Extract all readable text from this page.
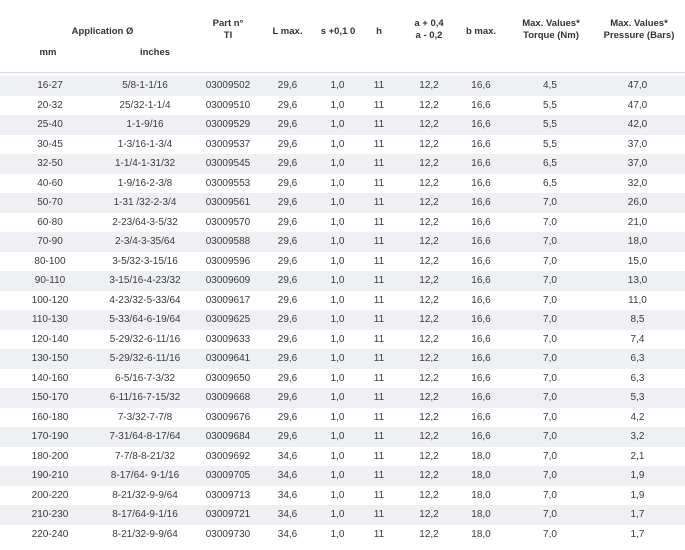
Application Ø
mm	inches
Part n°
TI	L max.	s +0,1 0	h
a + 0,4
a - 0,2	b max.
Max. Values*
Torque (Nm)
Max. Values*
Pressure (Bars)
16-27	5/8-1-1/16	03009502	29,6	1,0	11	12,2	16,6	4,5	47,0
20-32	25/32-1-1/4	03009510	29,6	1,0	11	12,2	16,6	5,5	47,0
25-40	1-1-9/16	03009529	29,6	1,0	11	12,2	16,6	5,5	42,0
30-45	1-3/16-1-3/4	03009537	29,6	1,0	11	12,2	16,6	5,5	37,0
32-50	1-1/4-1-31/32	03009545	29,6	1,0	11	12,2	16,6	6,5	37,0
40-60	1-9/16-2-3/8	03009553	29,6	1,0	11	12,2	16,6	6,5	32,0
50-70	1-31 /32-2-3/4	03009561	29,6	1,0	11	12,2	16,6	7,0	26,0
60-80	2-23/64-3-5/32	03009570	29,6	1,0	11	12,2	16,6	7,0	21,0
70-90	2-3/4-3-35/64	03009588	29,6	1,0	11	12,2	16,6	7,0	18,0
80-100	3-5/32-3-15/16	03009596	29,6	1,0	11	12,2	16,6	7,0	15,0
90-110	3-15/16-4-23/32	03009609	29,6	1,0	11	12,2	16,6	7,0	13,0
100-120	4-23/32-5-33/64	03009617	29,6	1,0	11	12,2	16,6	7,0	11,0
110-130	5-33/64-6-19/64	03009625	29,6	1,0	11	12,2	16,6	7,0	8,5
120-140	5-29/32-6-11/16	03009633	29,6	1,0	11	12,2	16,6	7,0	7,4
130-150	5-29/32-6-11/16	03009641	29,6	1,0	11	12,2	16,6	7,0	6,3
140-160	6-5/16-7-3/32	03009650	29,6	1,0	11	12,2	16,6	7,0	6,3
150-170	6-11/16-7-15/32	03009668	29,6	1,0	11	12,2	16,6	7,0	5,3
160-180	7-3/32-7-7/8	03009676	29,6	1,0	11	12,2	16,6	7,0	4,2
170-190	7-31/64-8-17/64	03009684	29,6	1,0	11	12,2	16,6	7,0	3,2
180-200	7-7/8-8-21/32	03009692	34,6	1,0	11	12,2	18,0	7,0	2,1
190-210	8-17/64- 9-1/16	03009705	34,6	1,0	11	12,2	18,0	7,0	1,9
200-220	8-21/32-9-9/64	03009713	34,6	1,0	11	12,2	18,0	7,0	1,9
210-230	8-17/64-9-1/16	03009721	34,6	1,0	11	12,2	18,0	7,0	1,7
220-240	8-21/32-9-9/64	03009730	34,6	1,0	11	12,2	18,0	7,0	1,7
